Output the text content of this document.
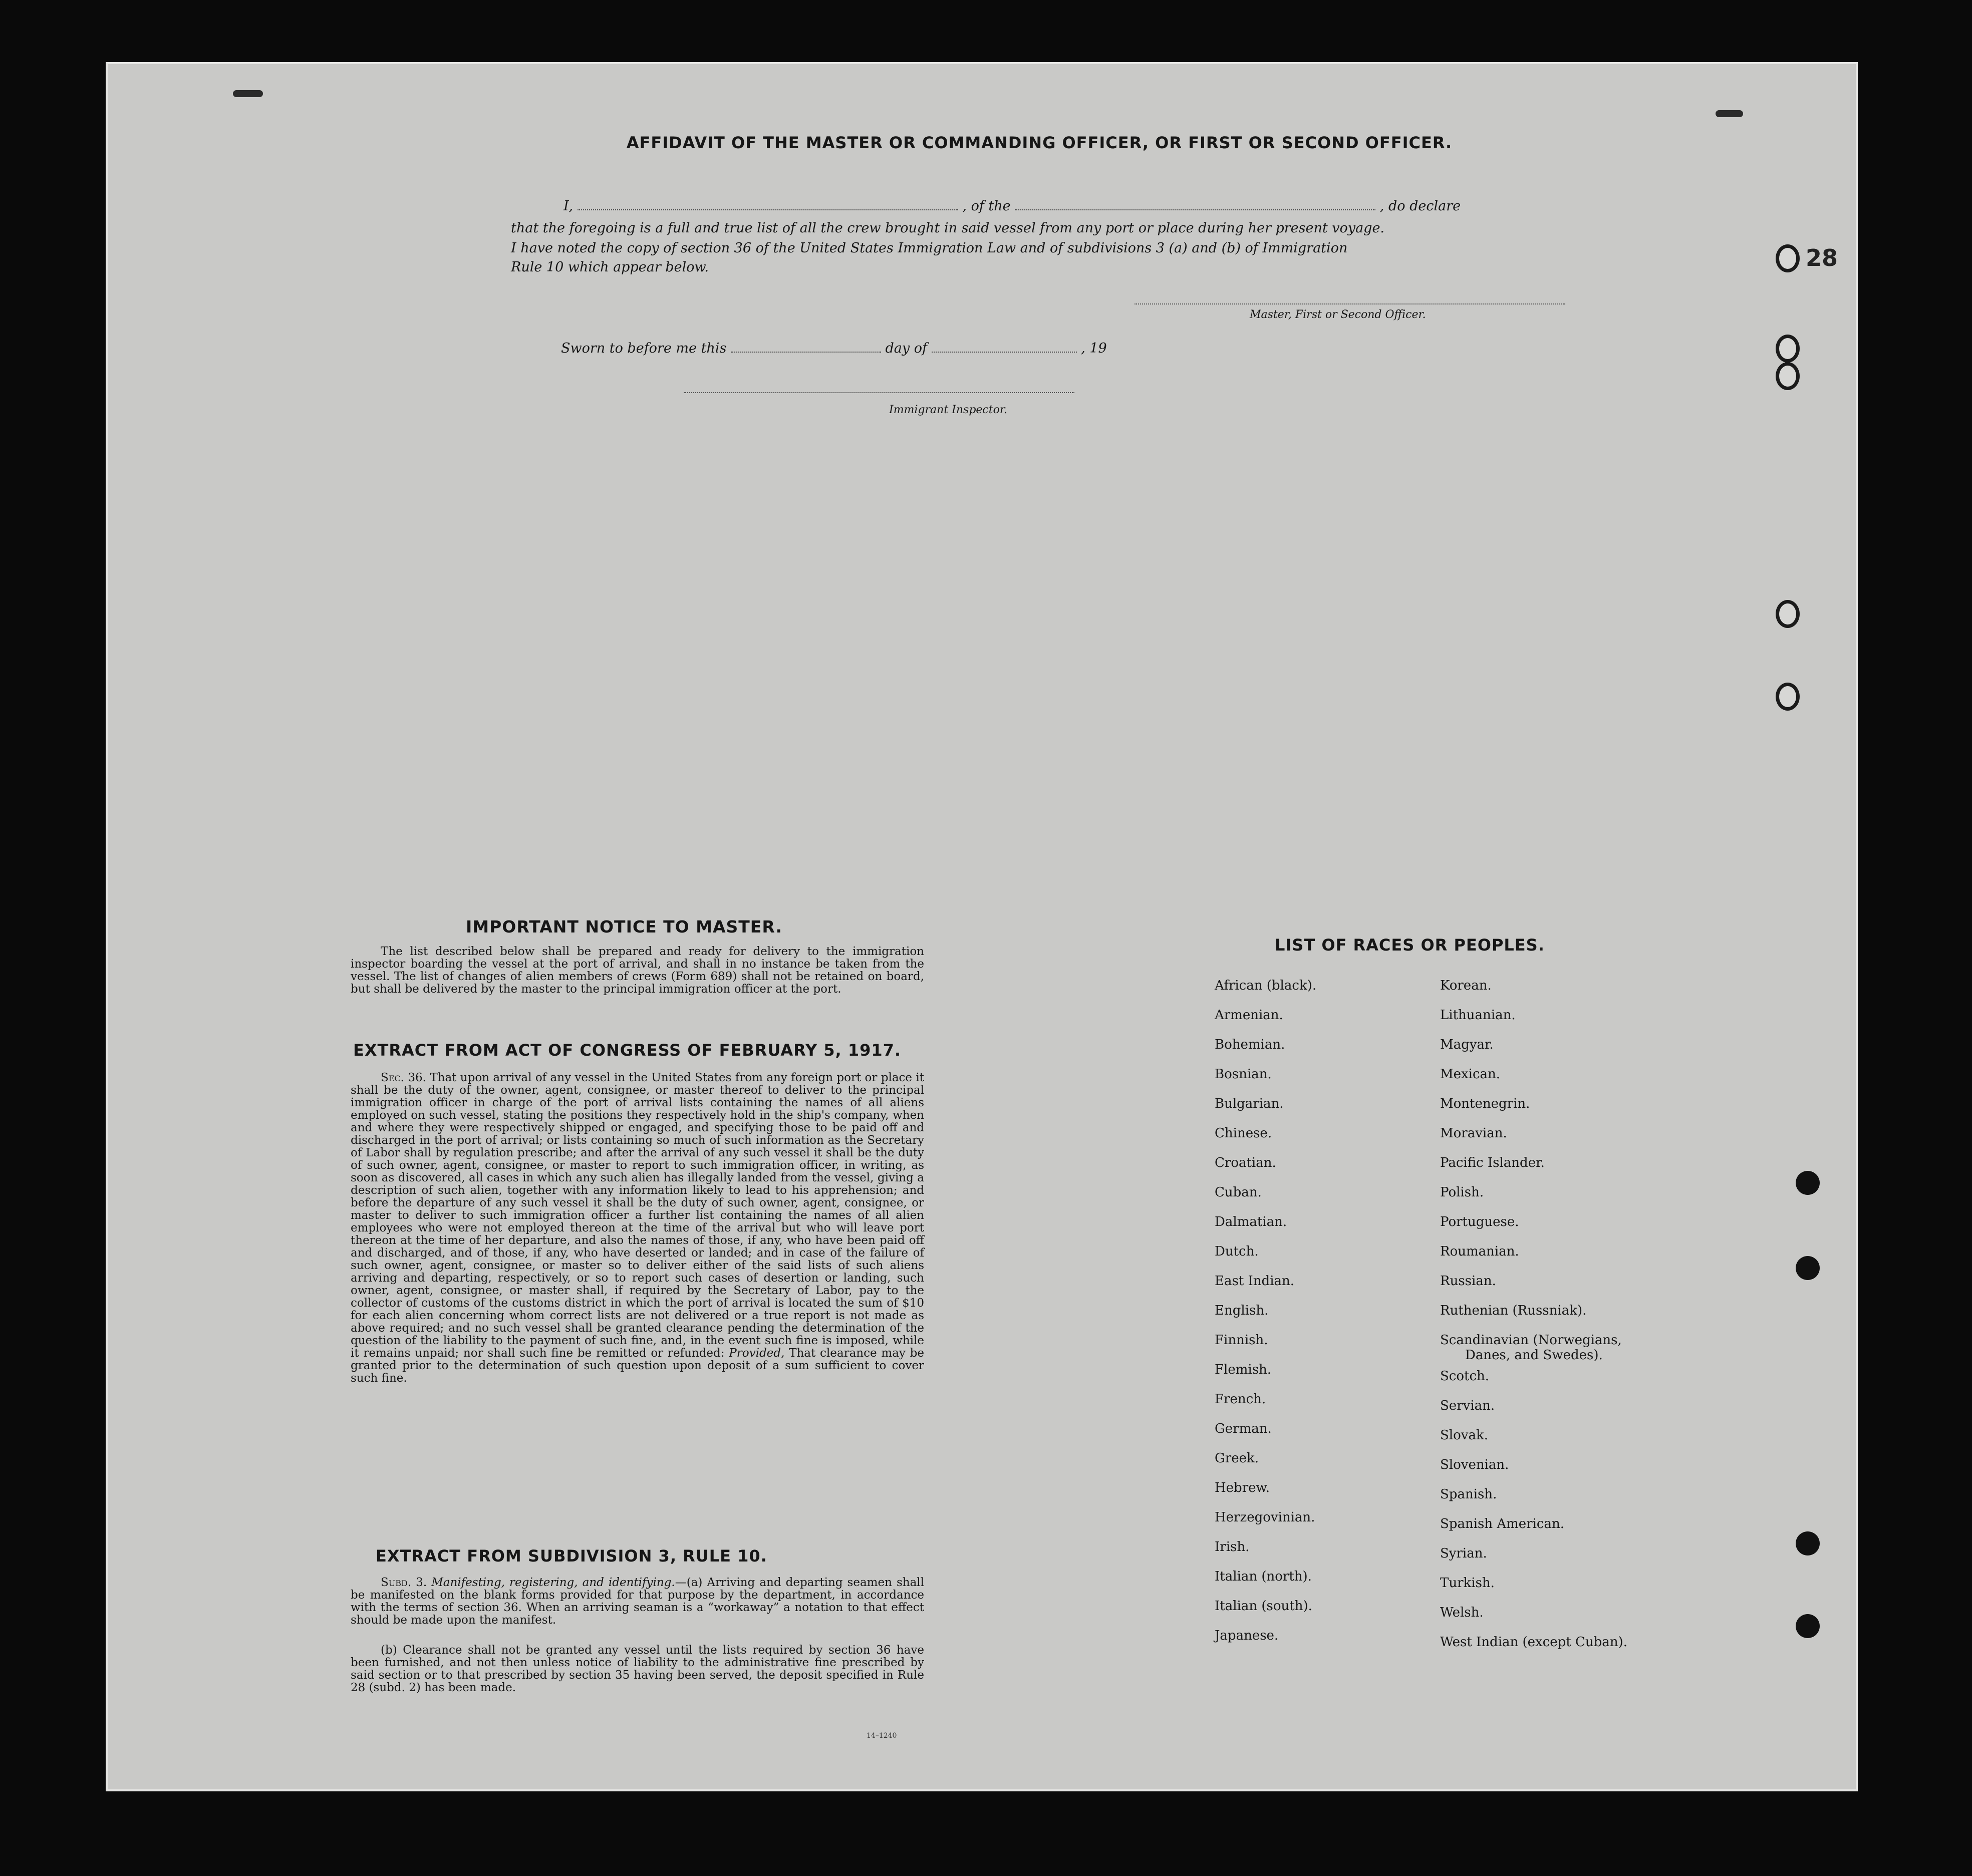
28
AFFIDAVIT OF THE MASTER OR COMMANDING OFFICER, OR FIRST OR SECOND OFFICER.
I,	, of the	, do declare
that the foregoing is a full and true list of all the crew brought in said vessel from any port or place during her present voyage.
I have noted the copy of section 36 of the United States Immigration Law and of subdivisions 3 (a) and (b) of Immigration
Rule 10 which appear below.
Master, First or Second Officer.
Sworn to before me this	day of	, 19
Immigrant Inspector.
IMPORTANT NOTICE TO MASTER.

The list described below shall be prepared and ready for delivery to the immigration inspector boarding the vessel at the port of arrival, and shall in no instance be taken from the vessel. The list of changes of alien members of crews (Form 689) shall not be retained on board, but shall be delivered by the master to the principal immigration officer at the port.

EXTRACT FROM ACT OF CONGRESS OF FEBRUARY 5, 1917.

Sec. 36. That upon arrival of any vessel in the United States from any foreign port or place it shall be the duty of the owner, agent, consignee, or master thereof to deliver to the principal immigration officer in charge of the port of arrival lists containing the names of all aliens employed on such vessel, stating the positions they respectively hold in the ship's company, when and where they were respectively shipped or engaged, and specifying those to be paid off and discharged in the port of arrival; or lists containing so much of such information as the Secretary of Labor shall by regulation prescribe; and after the arrival of any such vessel it shall be the duty of such owner, agent, consignee, or master to report to such immigration officer, in writing, as soon as discovered, all cases in which any such alien has illegally landed from the vessel, giving a description of such alien, together with any information likely to lead to his apprehension; and before the departure of any such vessel it shall be the duty of such owner, agent, consignee, or master to deliver to such immigration officer a further list containing the names of all alien employees who were not employed thereon at the time of the arrival but who will leave port thereon at the time of her departure, and also the names of those, if any, who have been paid off and discharged, and of those, if any, who have deserted or landed; and in case of the failure of such owner, agent, consignee, or master so to deliver either of the said lists of such aliens arriving and departing, respectively, or so to report such cases of desertion or landing, such owner, agent, consignee, or master shall, if required by the Secretary of Labor, pay to the collector of customs of the customs district in which the port of arrival is located the sum of $10 for each alien concerning whom correct lists are not delivered or a true report is not made as above required; and no such vessel shall be granted clearance pending the determination of the question of the liability to the payment of such fine, and, in the event such fine is imposed, while it remains unpaid; nor shall such fine be remitted or refunded: Provided, That clearance may be granted prior to the determination of such question upon deposit of a sum sufficient to cover such fine.

EXTRACT FROM SUBDIVISION 3, RULE 10.

Subd. 3. Manifesting, registering, and identifying.—(a) Arriving and departing seamen shall be manifested on the blank forms provided for that purpose by the department, in accordance with the terms of section 36. When an arriving seaman is a “workaway” a notation to that effect should be made upon the manifest.

(b) Clearance shall not be granted any vessel until the lists required by section 36 have been furnished, and not then unless notice of liability to the administrative fine prescribed by said section or to that prescribed by section 35 having been served, the deposit specified in Rule 28 (subd. 2) has been made.

14–1240
LIST OF RACES OR PEOPLES.
African (black).
Armenian.
Bohemian.
Bosnian.
Bulgarian.
Chinese.
Croatian.
Cuban.
Dalmatian.
Dutch.
East Indian.
English.
Finnish.
Flemish.
French.
German.
Greek.
Hebrew.
Herzegovinian.
Irish.
Italian (north).
Italian (south).
Japanese.
Korean.
Lithuanian.
Magyar.
Mexican.
Montenegrin.
Moravian.
Pacific Islander.
Polish.
Portuguese.
Roumanian.
Russian.
Ruthenian (Russniak).
Scandinavian (Norwegians,
Danes, and Swedes).
Scotch.
Servian.
Slovak.
Slovenian.
Spanish.
Spanish American.
Syrian.
Turkish.
Welsh.
West Indian (except Cuban).
